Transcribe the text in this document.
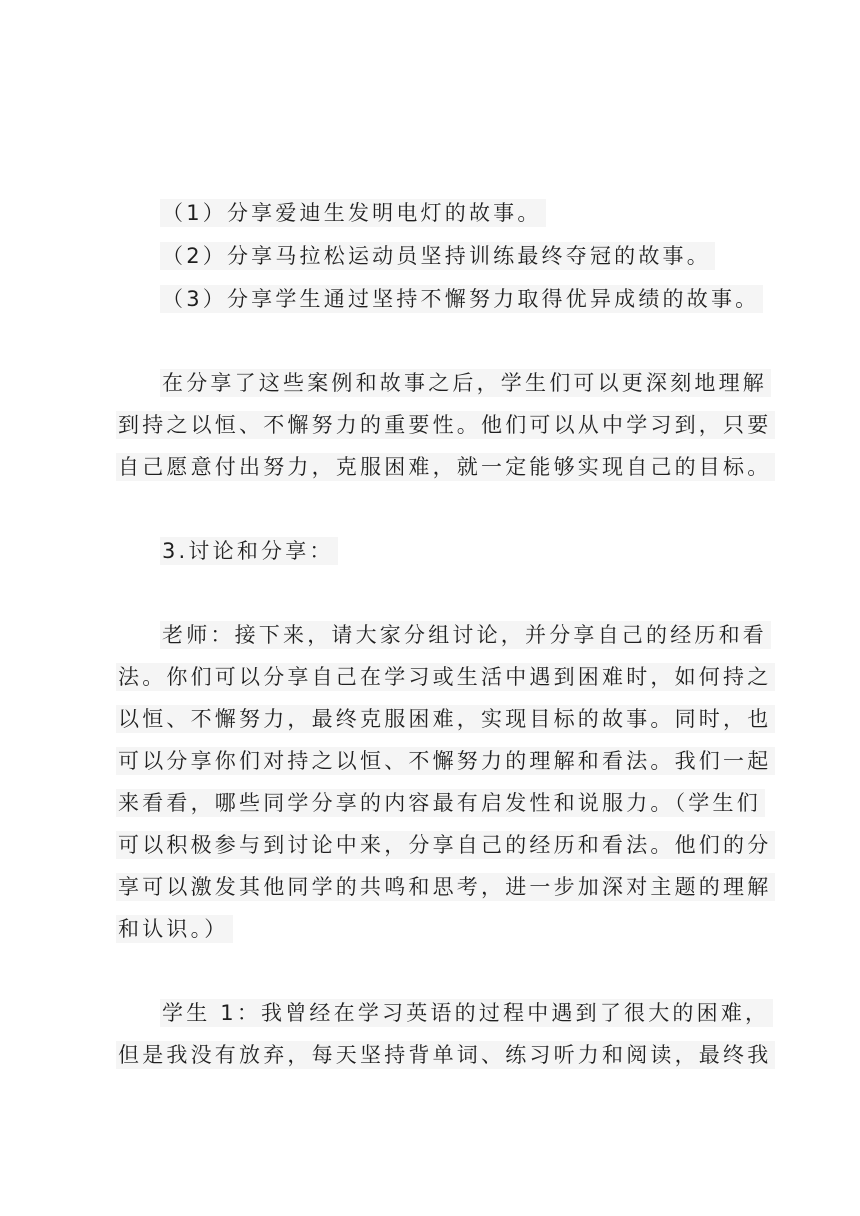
（1）分享爱迪生发明电灯的故事。
（2）分享马拉松运动员坚持训练最终夺冠的故事。
（3）分享学生通过坚持不懈努力取得优异成绩的故事。
在分享了这些案例和故事之后，学生们可以更深刻地理解
到持之以恒、不懈努力的重要性。他们可以从中学习到，只要
自己愿意付出努力，克服困难，就一定能够实现自己的目标。
3.讨论和分享：
老师：接下来，请大家分组讨论，并分享自己的经历和看
法。你们可以分享自己在学习或生活中遇到困难时，如何持之
以恒、不懈努力，最终克服困难，实现目标的故事。同时，也
可以分享你们对持之以恒、不懈努力的理解和看法。我们一起
来看看，哪些同学分享的内容最有启发性和说服力。（学生们
可以积极参与到讨论中来，分享自己的经历和看法。他们的分
享可以激发其他同学的共鸣和思考，进一步加深对主题的理解
和认识。）
学生 1：我曾经在学习英语的过程中遇到了很大的困难，
但是我没有放弃，每天坚持背单词、练习听力和阅读，最终我
